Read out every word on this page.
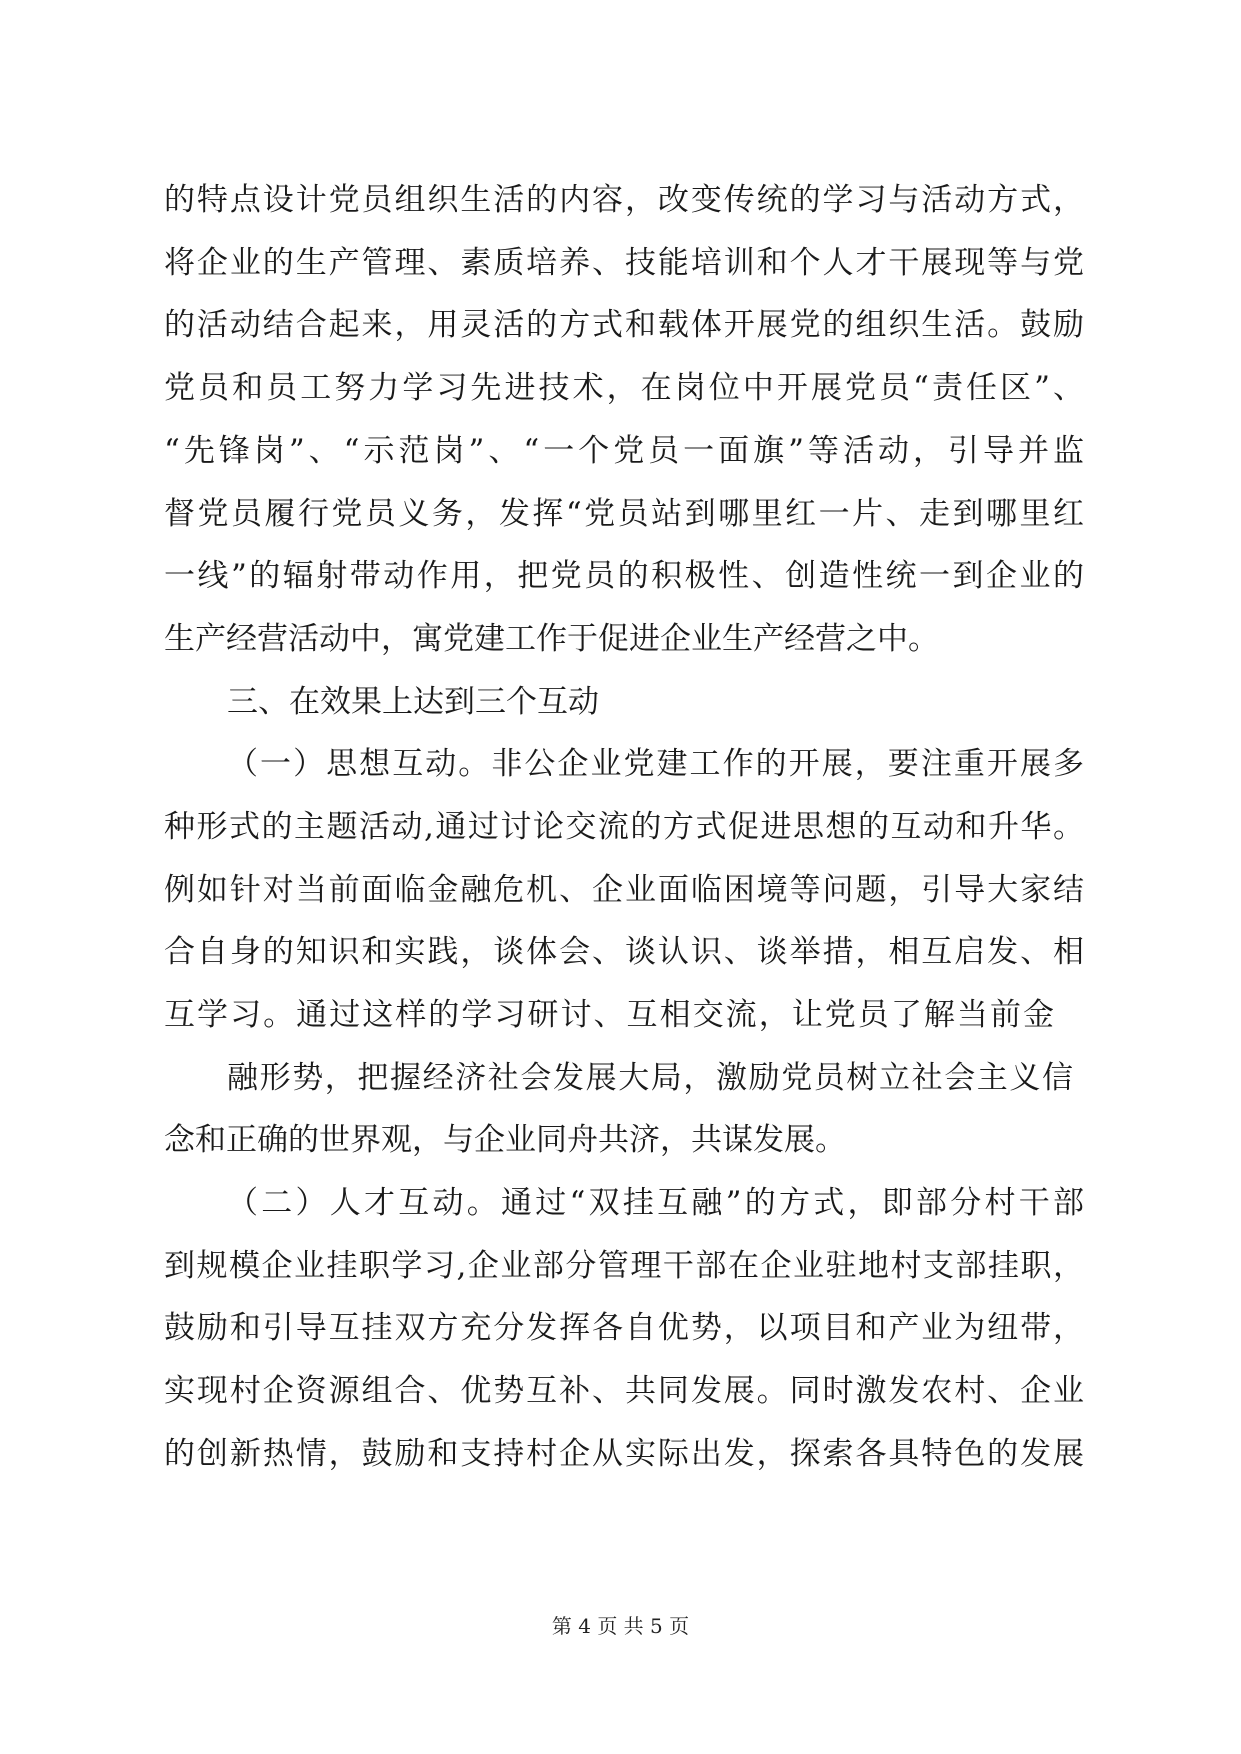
的特点设计党员组织生活的内容，改变传统的学习与活动方式，
将企业的生产管理、素质培养、技能培训和个人才干展现等与党
的活动结合起来，用灵活的方式和载体开展党的组织生活。鼓励
党员和员工努力学习先进技术，在岗位中开展党员“责任区”、
“先锋岗”、“示范岗”、“一个党员一面旗”等活动，引导并监
督党员履行党员义务，发挥“党员站到哪里红一片、走到哪里红
一线”的辐射带动作用，把党员的积极性、创造性统一到企业的
生产经营活动中，寓党建工作于促进企业生产经营之中。
三、在效果上达到三个互动
（一）思想互动。非公企业党建工作的开展，要注重开展多
种形式的主题活动,通过讨论交流的方式促进思想的互动和升华。
例如针对当前面临金融危机、企业面临困境等问题，引导大家结
合自身的知识和实践，谈体会、谈认识、谈举措，相互启发、相
互学习。通过这样的学习研讨、互相交流，让党员了解当前金
融形势，把握经济社会发展大局，激励党员树立社会主义信
念和正确的世界观，与企业同舟共济，共谋发展。
（二）人才互动。通过“双挂互融”的方式，即部分村干部
到规模企业挂职学习,企业部分管理干部在企业驻地村支部挂职，
鼓励和引导互挂双方充分发挥各自优势，以项目和产业为纽带，
实现村企资源组合、优势互补、共同发展。同时激发农村、企业
的创新热情，鼓励和支持村企从实际出发，探索各具特色的发展
第 4 页 共 5 页
